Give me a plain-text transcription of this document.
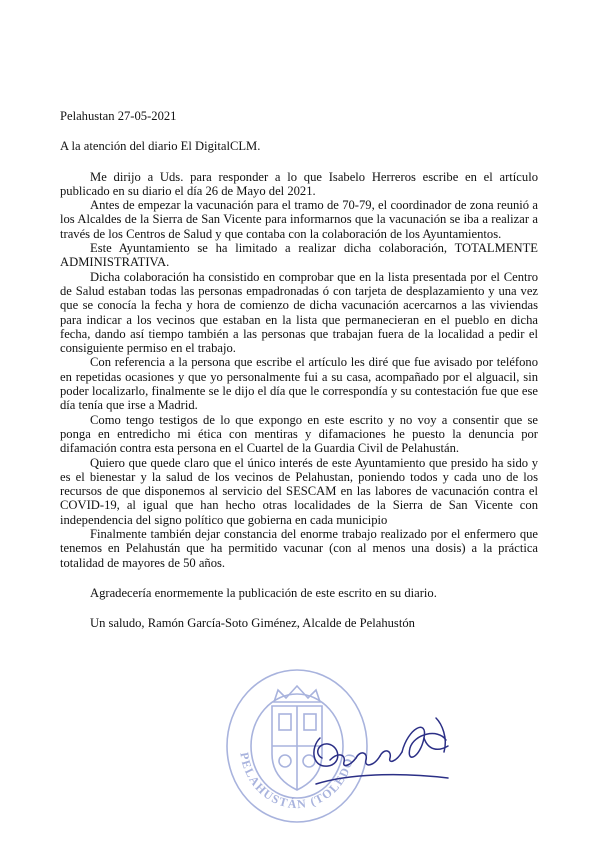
Pelahustan 27-05-2021

A la atención del diario El DigitalCLM.

Me dirijo a Uds. para responder a lo que Isabelo Herreros escribe en el artículo publicado en su diario el día 26 de Mayo del 2021.

Antes de empezar la vacunación para el tramo de 70-79, el coordinador de zona reunió a los Alcaldes de la Sierra de San Vicente para informarnos que la vacunación se iba a realizar a través de los Centros de Salud y que contaba con la colaboración de los Ayuntamientos.

Este Ayuntamiento se ha limitado a realizar dicha colaboración, TOTALMENTE ADMINISTRATIVA.

Dicha colaboración ha consistido en comprobar que en la lista presentada por el Centro de Salud estaban todas las personas empadronadas ó con tarjeta de desplazamiento y una vez que se conocía la fecha y hora de comienzo de dicha vacunación acercarnos a las viviendas para indicar a los vecinos que estaban en la lista que permanecieran en el pueblo en dicha fecha, dando así tiempo también a las personas que trabajan fuera de la localidad a pedir el consiguiente permiso en el trabajo.

Con referencia a la persona que escribe el artículo les diré que fue avisado por teléfono en repetidas ocasiones y que yo personalmente fui a su casa, acompañado por el alguacil, sin poder localizarlo, finalmente se le dijo el día que le correspondía y su contestación fue que ese día tenía que irse a Madrid.

Como tengo testigos de lo que expongo en este escrito y no voy a consentir que se ponga en entredicho mi ética con mentiras y difamaciones he puesto la denuncia por difamación contra esta persona en el Cuartel de la Guardia Civil de Pelahustán.

Quiero que quede claro que el único interés de este Ayuntamiento que presido ha sido y es el bienestar y la salud de los vecinos de Pelahustan, poniendo todos y cada uno de los recursos de que disponemos al servicio del SESCAM en las labores de vacunación contra el COVID-19, al igual que han hecho otras localidades de la Sierra de San Vicente con independencia del signo político que gobierna en cada municipio

Finalmente también dejar constancia del enorme trabajo realizado por el enfermero que tenemos en Pelahustán que ha permitido vacunar (con al menos una dosis) a la práctica totalidad de mayores de 50 años.

Agradecería enormemente la publicación de este escrito en su diario.

Un saludo, Ramón García-Soto Giménez, Alcalde de Pelahustón

PELAHUSTÁN (TOLEDO)
